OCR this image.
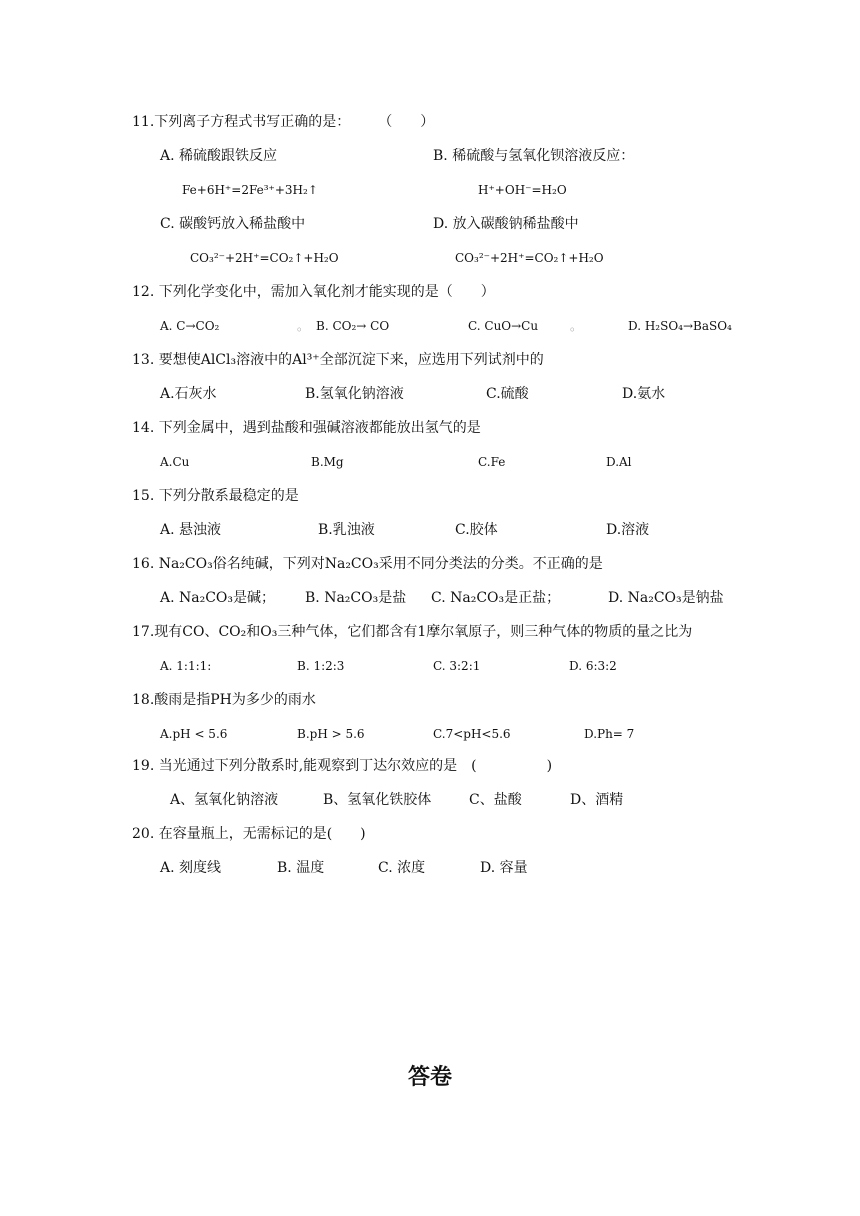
11.下列离子方程式书写正确的是：　　　（　　）
A. 稀硫酸跟铁反应	B. 稀硫酸与氢氧化钡溶液反应：
Fe+6H⁺=2Fe³⁺+3H₂↑	H⁺+OH⁻=H₂O
C. 碳酸钙放入稀盐酸中	D. 放入碳酸钠稀盐酸中
CO₃²⁻+2H⁺=CO₂↑+H₂O	CO₃²⁻+2H⁺=CO₂↑+H₂O
12. 下列化学变化中，需加入氧化剂才能实现的是（　　）
A. C→CO₂	。 B. CO₂→ CO	C. CuO→Cu	。	D. H₂SO₄→BaSO₄
13. 要想使AlCl₃溶液中的Al³⁺全部沉淀下来，应选用下列试剂中的
A.石灰水	B.氢氧化钠溶液	C.硫酸	D.氨水
14. 下列金属中，遇到盐酸和强碱溶液都能放出氢气的是
A.Cu	B.Mg	C.Fe	D.Al
15. 下列分散系最稳定的是
A. 悬浊液	B.乳浊液	C.胶体	D.溶液
16. Na₂CO₃俗名纯碱，下列对Na₂CO₃采用不同分类法的分类。不正确的是
A. Na₂CO₃是碱； B. Na₂CO₃是盐 C. Na₂CO₃是正盐；	D. Na₂CO₃是钠盐
17.现有CO、CO₂和O₃三种气体，它们都含有1摩尔氧原子，则三种气体的物质的量之比为
A. 1:1:1:	B. 1:2:3	C. 3:2:1	D. 6:3:2
18.酸雨是指PH为多少的雨水
A.pH < 5.6	B.pH > 5.6	C.7<pH<5.6	D.Ph= 7
19. 当光通过下列分散系时,能观察到丁达尔效应的是　(　　　　　)
A、氢氧化钠溶液	B、氢氧化铁胶体	C、盐酸	D、酒精
20. 在容量瓶上，无需标记的是(　　)
A. 刻度线	B. 温度	C. 浓度	D. 容量
答卷
